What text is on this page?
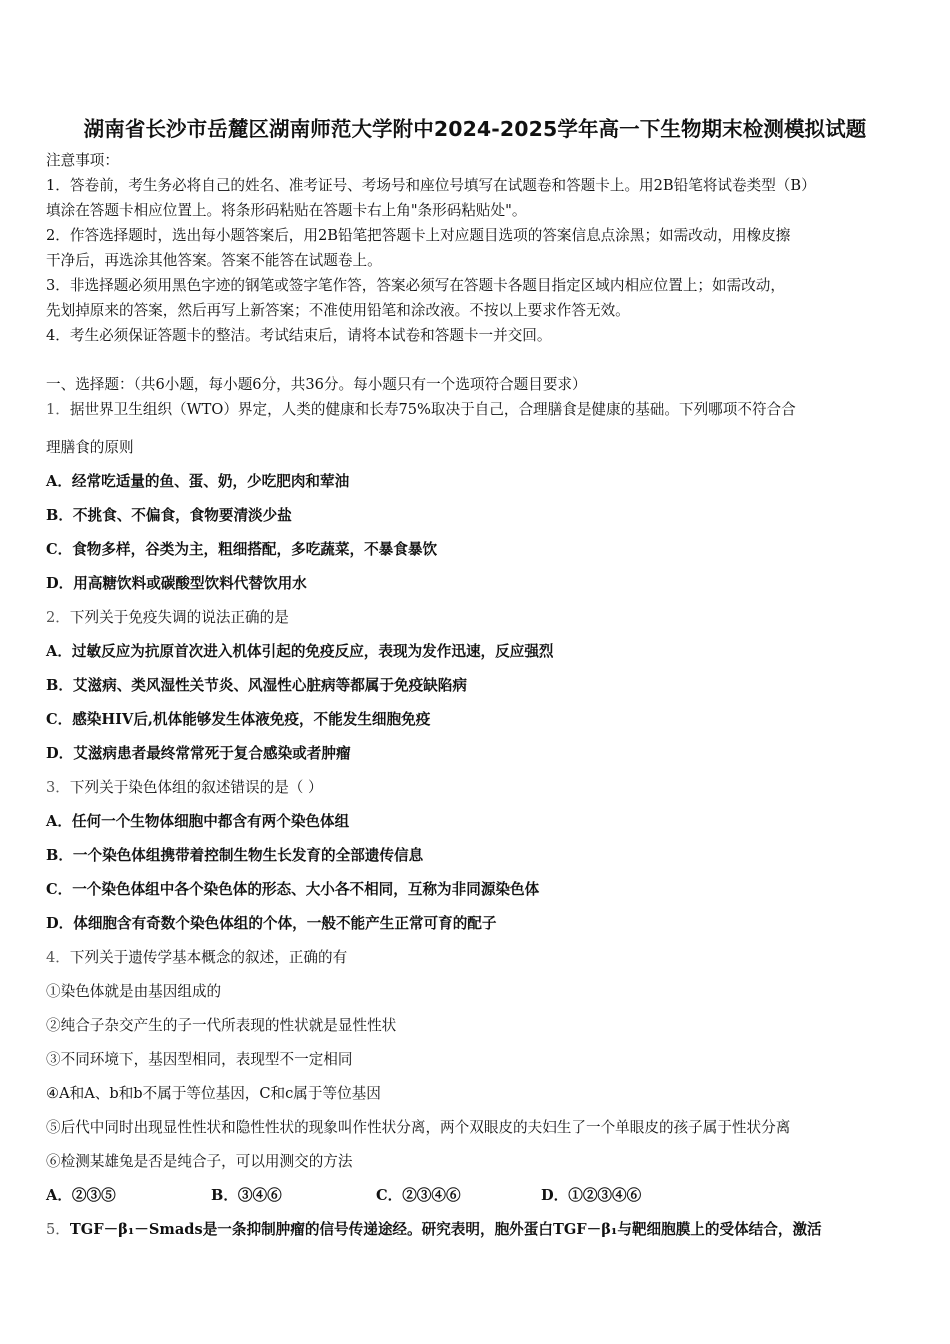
湖南省长沙市岳麓区湖南师范大学附中2024-2025学年高一下生物期末检测模拟试题
注意事项：
1．答卷前，考生务必将自己的姓名、准考证号、考场号和座位号填写在试题卷和答题卡上。用2B铅笔将试卷类型（B）
填涂在答题卡相应位置上。将条形码粘贴在答题卡右上角"条形码粘贴处"。
2．作答选择题时，选出每小题答案后，用2B铅笔把答题卡上对应题目选项的答案信息点涂黑；如需改动，用橡皮擦
干净后，再选涂其他答案。答案不能答在试题卷上。
3．非选择题必须用黑色字迹的钢笔或签字笔作答，答案必须写在答题卡各题目指定区域内相应位置上；如需改动，
先划掉原来的答案，然后再写上新答案；不准使用铅笔和涂改液。不按以上要求作答无效。
4．考生必须保证答题卡的整洁。考试结束后，请将本试卷和答题卡一并交回。
一、选择题：（共6小题，每小题6分，共36分。每小题只有一个选项符合题目要求）
1．据世界卫生组织（WTO）界定，人类的健康和长寿75%取决于自己，合理膳食是健康的基础。下列哪项不符合合
理膳食的原则
A．经常吃适量的鱼、蛋、奶，少吃肥肉和荤油
B．不挑食、不偏食，食物要清淡少盐
C．食物多样，谷类为主，粗细搭配，多吃蔬菜，不暴食暴饮
D．用高糖饮料或碳酸型饮料代替饮用水
2．下列关于免疫失调的说法正确的是
A．过敏反应为抗原首次进入机体引起的免疫反应，表现为发作迅速，反应强烈
B．艾滋病、类风湿性关节炎、风湿性心脏病等都属于免疫缺陷病
C．感染HIV后,机体能够发生体液免疫，不能发生细胞免疫
D．艾滋病患者最终常常死于复合感染或者肿瘤
3．下列关于染色体组的叙述错误的是（ ）
A．任何一个生物体细胞中都含有两个染色体组
B．一个染色体组携带着控制生物生长发育的全部遗传信息
C．一个染色体组中各个染色体的形态、大小各不相同，互称为非同源染色体
D．体细胞含有奇数个染色体组的个体，一般不能产生正常可育的配子
4．下列关于遗传学基本概念的叙述，正确的有
①染色体就是由基因组成的
②纯合子杂交产生的子一代所表现的性状就是显性性状
③不同环境下，基因型相同，表现型不一定相同
④A和A、b和b不属于等位基因，C和c属于等位基因
⑤后代中同时出现显性性状和隐性性状的现象叫作性状分离，两个双眼皮的夫妇生了一个单眼皮的孩子属于性状分离
⑥检测某雄兔是否是纯合子，可以用测交的方法
A．②③⑤	B．③④⑥	C．②③④⑥	D．①②③④⑥
5．TGF－β₁－Smads是一条抑制肿瘤的信号传递途经。研究表明，胞外蛋白TGF－β₁与靶细胞膜上的受体结合，激活
